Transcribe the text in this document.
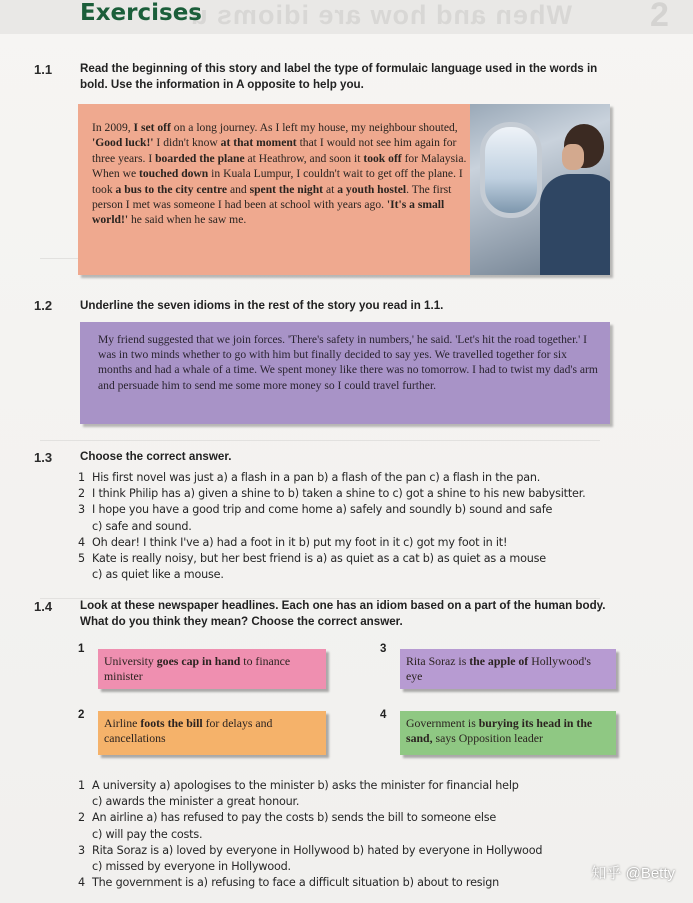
When and how are idioms u 2
Exercises
1.1 Read the beginning of this story and label the type of formulaic language used in the words in bold. Use the information in A opposite to help you.
In 2009, I set off on a long journey. As I left my house, my neighbour shouted, 'Good luck!' I didn't know at that moment that I would not see him again for three years. I boarded the plane at Heathrow, and soon it took off for Malaysia. When we touched down in Kuala Lumpur, I couldn't wait to get off the plane. I took a bus to the city centre and spent the night at a youth hostel. The first person I met was someone I had been at school with years ago. 'It's a small world!' he said when he saw me.
1.2 Underline the seven idioms in the rest of the story you read in 1.1.
My friend suggested that we join forces. 'There's safety in numbers,' he said. 'Let's hit the road together.' I was in two minds whether to go with him but finally decided to say yes. We travelled together for six months and had a whale of a time. We spent money like there was no tomorrow. I had to twist my dad's arm and persuade him to send me some more money so I could travel further.
1.3 Choose the correct answer.
1 His first novel was just a) a flash in a pan b) a flash of the pan c) a flash in the pan.
2 I think Philip has a) given a shine to b) taken a shine to c) got a shine to his new babysitter.
3 I hope you have a good trip and come home a) safely and soundly b) sound and safe
c) safe and sound.
4 Oh dear! I think I've a) had a foot in it b) put my foot in it c) got my foot in it!
5 Kate is really noisy, but her best friend is a) as quiet as a cat b) as quiet as a mouse
c) as quiet like a mouse.
1.4 Look at these newspaper headlines. Each one has an idiom based on a part of the human body. What do you think they mean? Choose the correct answer.
1
University goes cap in hand to finance minister
3
Rita Soraz is the apple of Hollywood's eye
2
Airline foots the bill for delays and cancellations
4
Government is burying its head in the sand, says Opposition leader
1 A university a) apologises to the minister b) asks the minister for financial help
c) awards the minister a great honour.
2 An airline a) has refused to pay the costs b) sends the bill to someone else
c) will pay the costs.
3 Rita Soraz is a) loved by everyone in Hollywood b) hated by everyone in Hollywood
c) missed by everyone in Hollywood.
4 The government is a) refusing to face a difficult situation b) about to resign
知乎 @Betty
